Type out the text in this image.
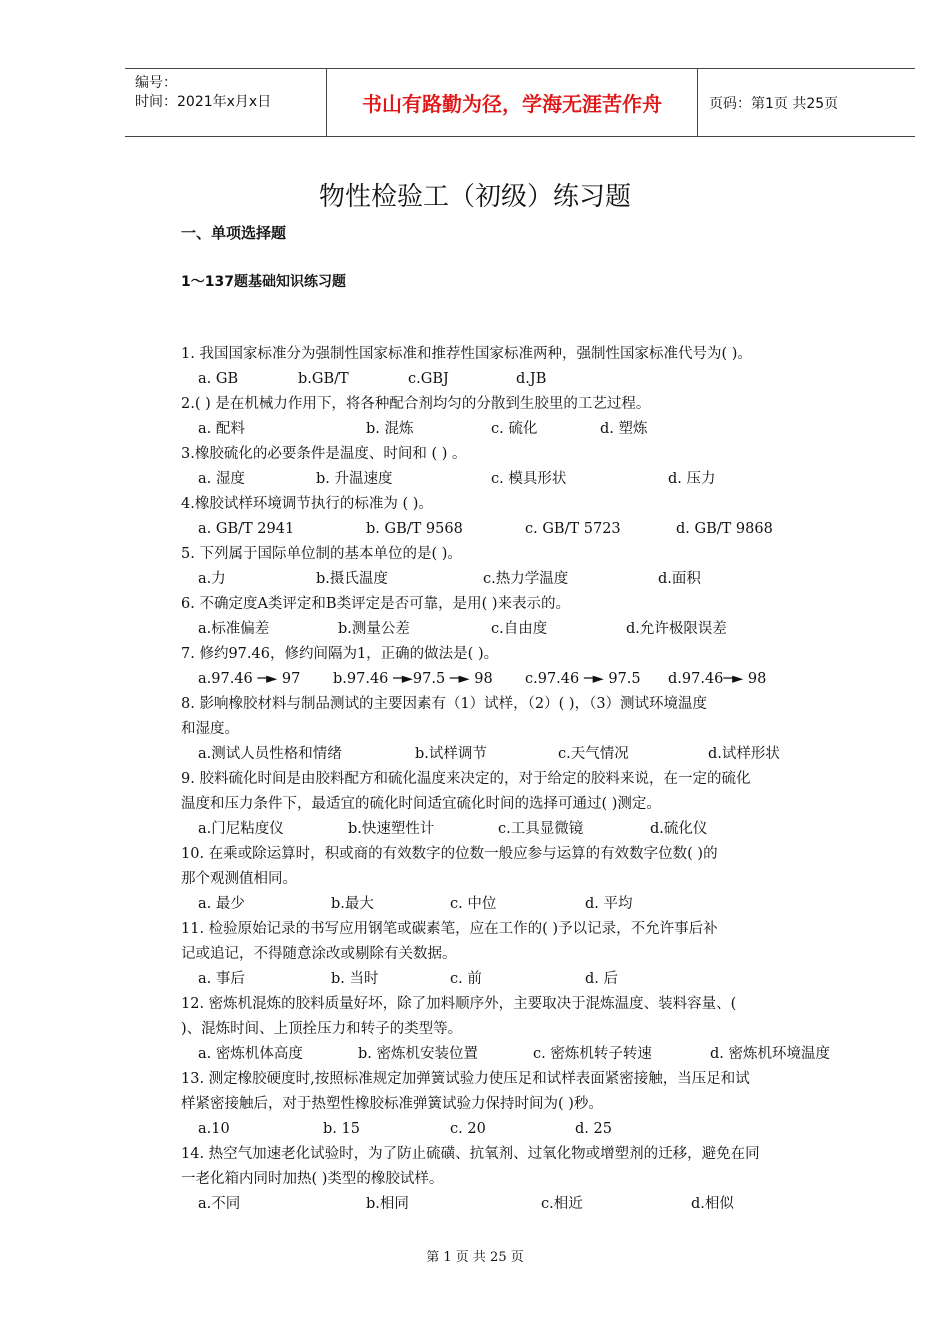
编号：
时间：2021年x月x日	书山有路勤为径，学海无涯苦作舟	页码：第1页 共25页
物性检验工（初级）练习题
一、单项选择题
1～137题基础知识练习题
1. 我国国家标准分为强制性国家标准和推荐性国家标准两种，强制性国家标准代号为( )。
a. GB	b.GB/T	c.GBJ	d.JB
2.( ) 是在机械力作用下，将各种配合剂均匀的分散到生胶里的工艺过程。
a. 配料	b. 混炼	c. 硫化	d. 塑炼
3.橡胶硫化的必要条件是温度、时间和 ( ) 。
a. 湿度	b. 升温速度	c. 模具形状	d. 压力
4.橡胶试样环境调节执行的标准为 ( )。
a. GB/T 2941	b. GB/T 9568	c. GB/T 5723	d. GB/T 9868
5. 下列属于国际单位制的基本单位的是( )。
a.力	b.摄氏温度	c.热力学温度	d.面积
6. 不确定度A类评定和B类评定是否可靠，是用( )来表示的。
a.标准偏差	b.测量公差	c.自由度	d.允许极限误差
7. 修约97.46，修约间隔为1，正确的做法是( )。
a.97.46 ─► 97 b.97.46 ─►97.5 ─► 98 c.97.46 ─► 97.5 d.97.46─► 98
8. 影响橡胶材料与制品测试的主要因素有（1）试样，（2）( )，（3）测试环境温度
和湿度。
a.测试人员性格和情绪	b.试样调节	c.天气情况	d.试样形状
9. 胶料硫化时间是由胶料配方和硫化温度来决定的，对于给定的胶料来说，在一定的硫化
温度和压力条件下，最适宜的硫化时间适宜硫化时间的选择可通过( )测定。
a.门尼粘度仪	b.快速塑性计	c.工具显微镜	d.硫化仪
10. 在乘或除运算时，积或商的有效数字的位数一般应参与运算的有效数字位数( )的
那个观测值相同。
a. 最少	b.最大	c. 中位	d. 平均
11. 检验原始记录的书写应用钢笔或碳素笔，应在工作的( )予以记录，不允许事后补
记或追记，不得随意涂改或剔除有关数据。
a. 事后	b. 当时	c. 前	d. 后
12. 密炼机混炼的胶料质量好坏，除了加料顺序外，主要取决于混炼温度、装料容量、(
)、混炼时间、上顶拴压力和转子的类型等。
a. 密炼机体高度	b. 密炼机安装位置	c. 密炼机转子转速	d. 密炼机环境温度
13. 测定橡胶硬度时,按照标准规定加弹簧试验力使压足和试样表面紧密接触，当压足和试
样紧密接触后，对于热塑性橡胶标准弹簧试验力保持时间为( )秒。
a.10	b. 15	c. 20	d. 25
14. 热空气加速老化试验时，为了防止硫磺、抗氧剂、过氧化物或增塑剂的迁移，避免在同
一老化箱内同时加热( )类型的橡胶试样。
a.不同	b.相同	c.相近	d.相似
第 1 页 共 25 页
